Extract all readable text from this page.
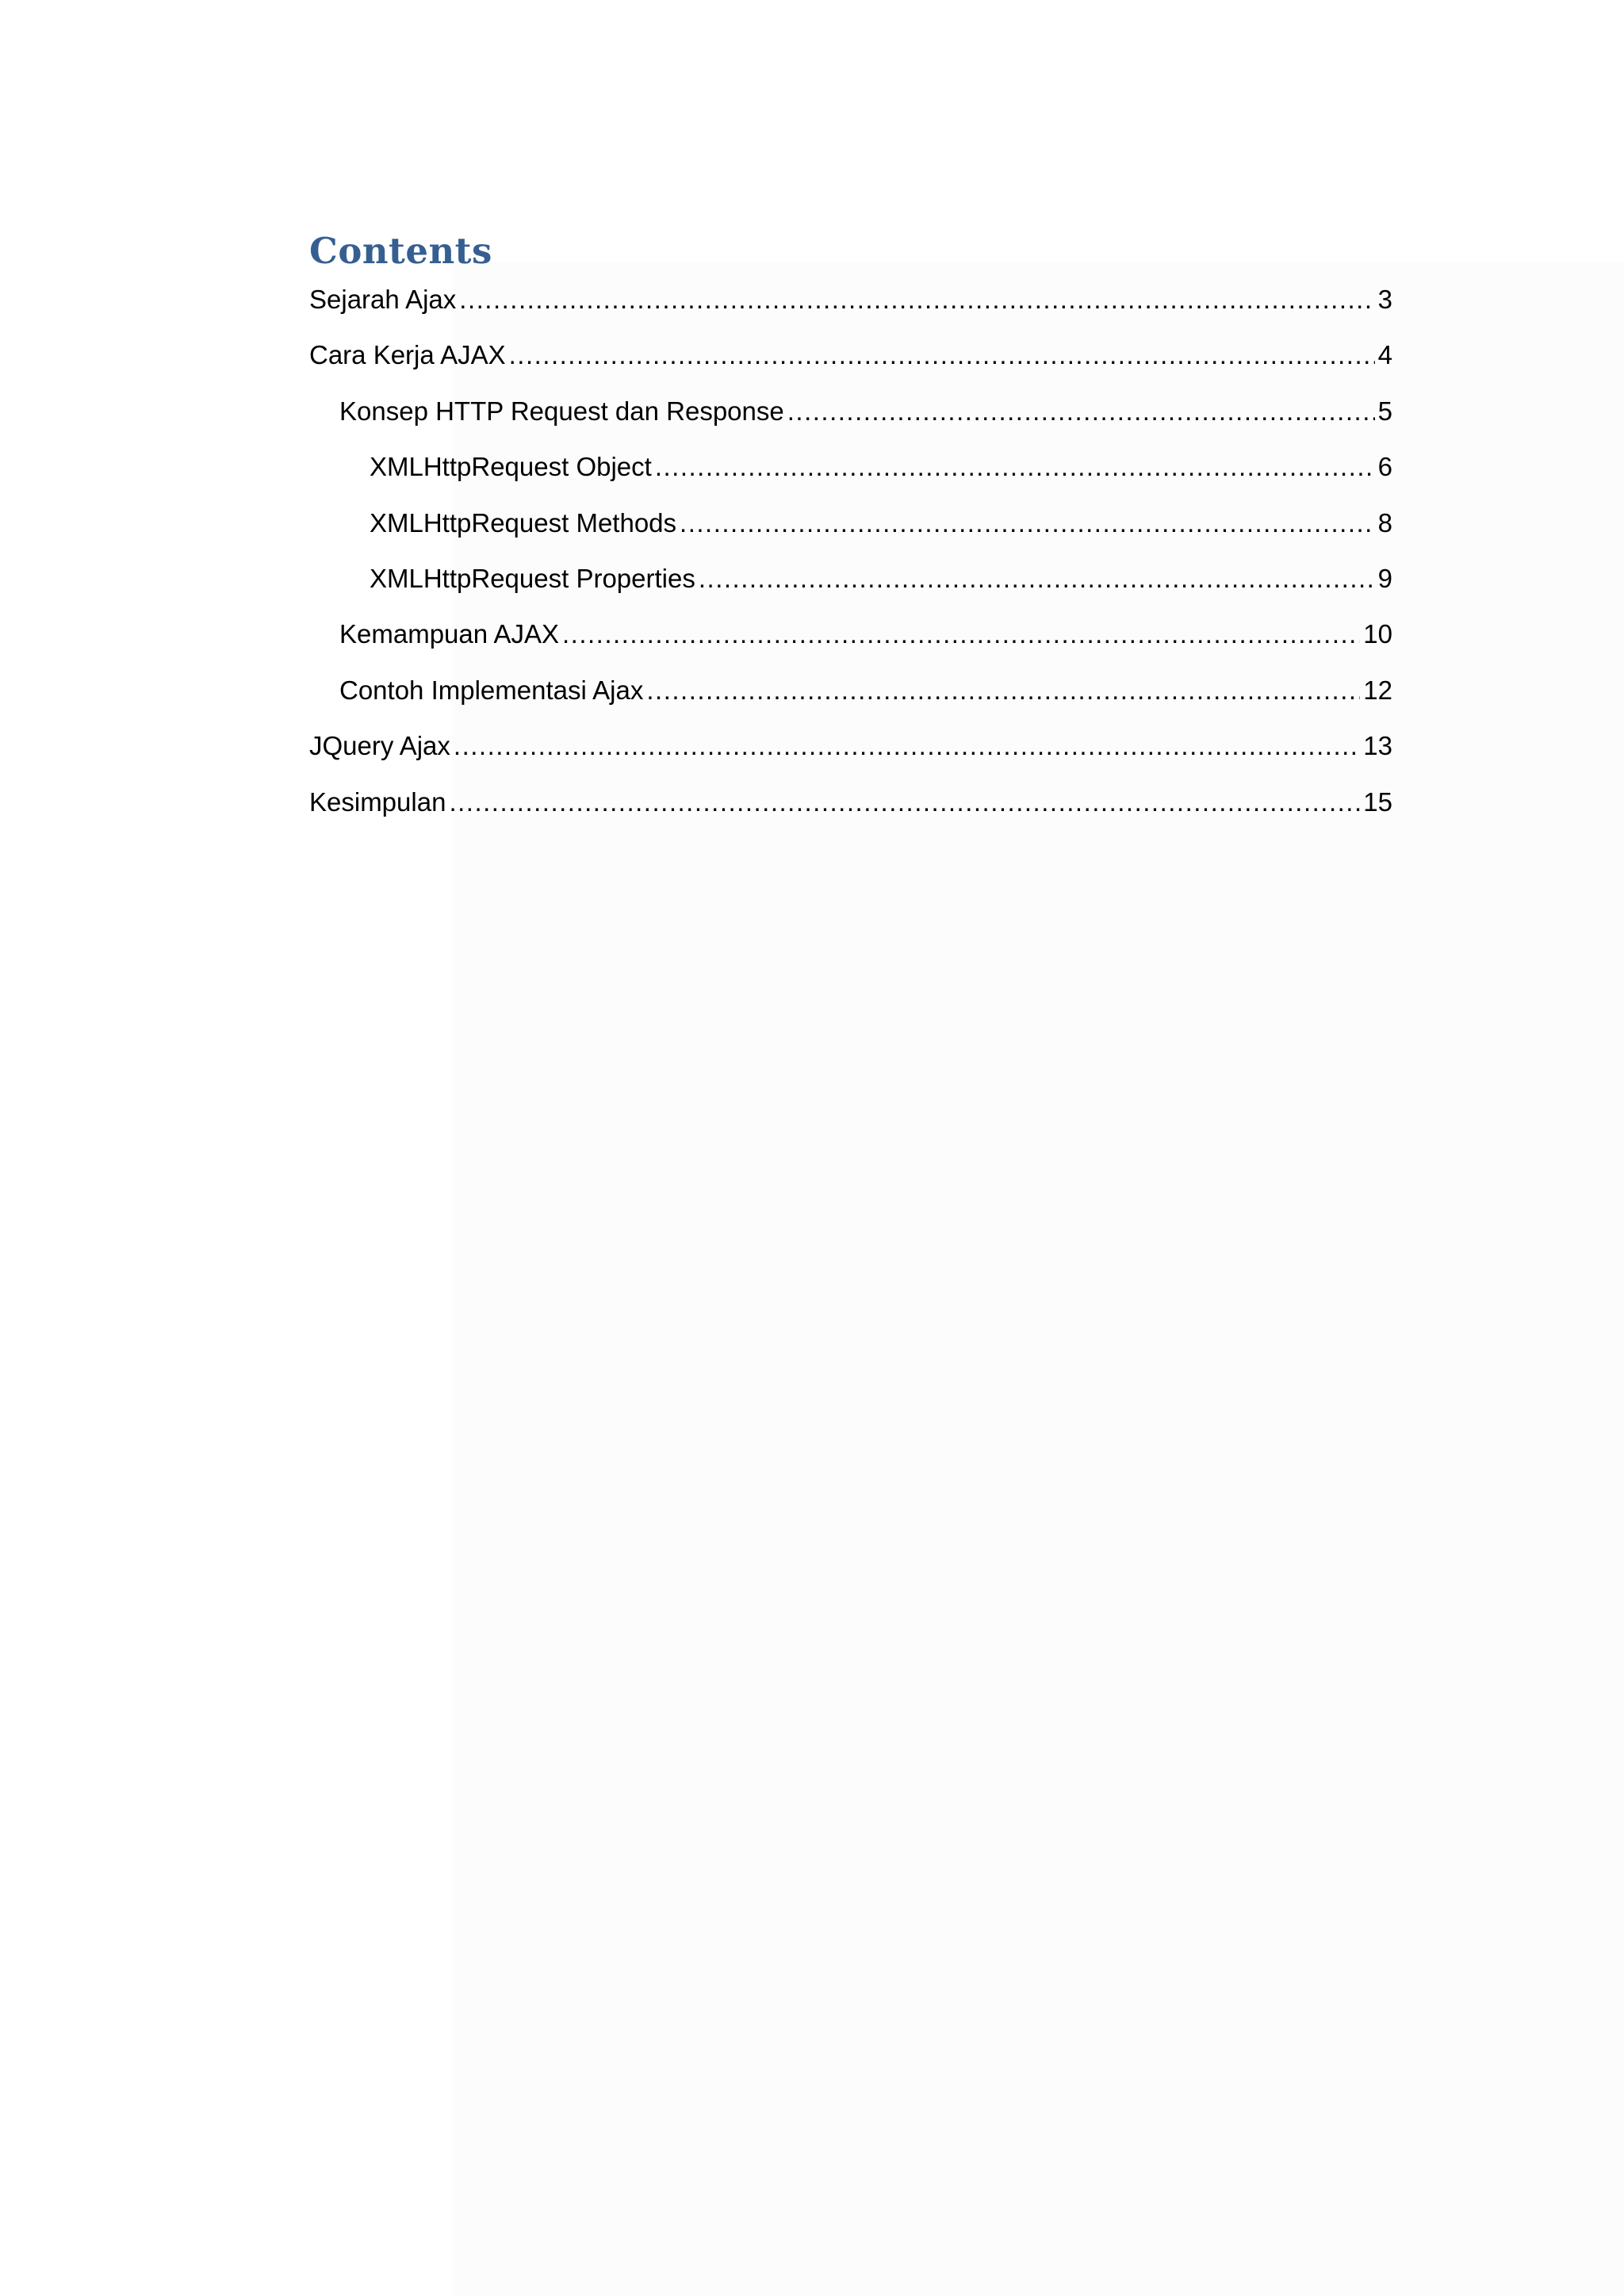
Contents
Sejarah Ajax .....	3
Cara Kerja AJAX .....	4
Konsep HTTP Request dan Response .....	5
XMLHttpRequest Object .....	6
XMLHttpRequest Methods .....	8
XMLHttpRequest Properties .....	9
Kemampuan AJAX .....	10
Contoh Implementasi Ajax .....	12
JQuery Ajax .....	13
Kesimpulan .....	15
